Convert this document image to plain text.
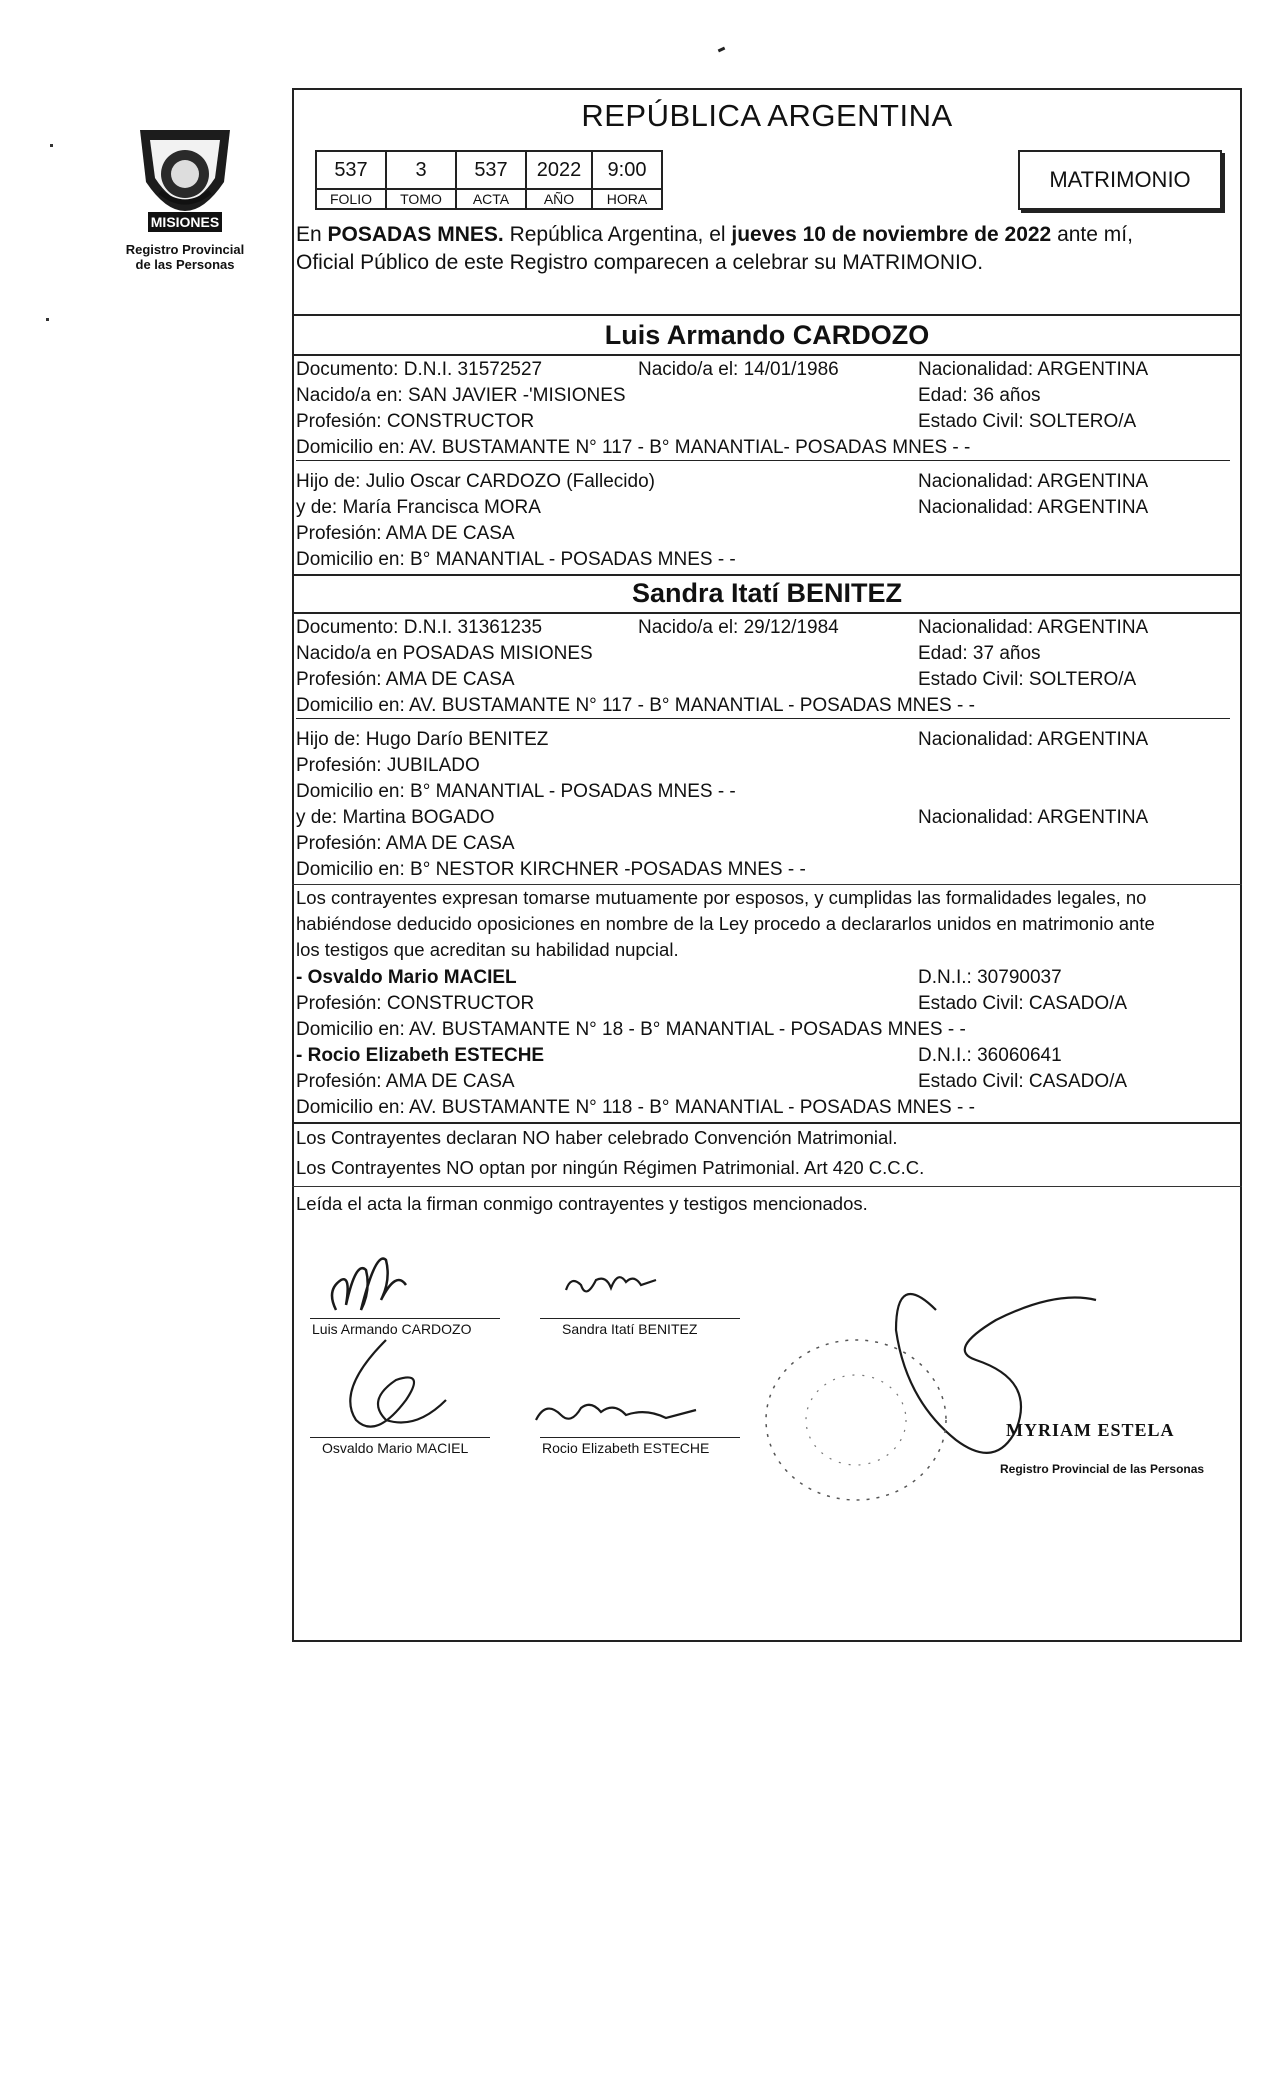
MISIONES
Registro Provincial
de las Personas
REPÚBLICA ARGENTINA
537	3	537	2022	9:00
FOLIO	TOMO	ACTA	AÑO	HORA
MATRIMONIO
En POSADAS MNES. República Argentina, el jueves 10 de noviembre de 2022 ante mí,
Oficial Público de este Registro comparecen a celebrar su MATRIMONIO.
Luis Armando CARDOZO
Documento: D.N.I. 31572527	Nacido/a el: 14/01/1986	Nacionalidad: ARGENTINA
Nacido/a en: SAN JAVIER -'MISIONES	Edad: 36 años
Profesión: CONSTRUCTOR	Estado Civil: SOLTERO/A
Domicilio en: AV. BUSTAMANTE N° 117 - B° MANANTIAL- POSADAS MNES - -
Hijo de: Julio Oscar CARDOZO (Fallecido)	Nacionalidad: ARGENTINA
y de: María Francisca MORA	Nacionalidad: ARGENTINA
Profesión: AMA DE CASA
Domicilio en: B° MANANTIAL - POSADAS MNES - -
Sandra Itatí BENITEZ
Documento: D.N.I. 31361235	Nacido/a el: 29/12/1984	Nacionalidad: ARGENTINA
Nacido/a en POSADAS MISIONES	Edad: 37 años
Profesión: AMA DE CASA	Estado Civil: SOLTERO/A
Domicilio en: AV. BUSTAMANTE N° 117 - B° MANANTIAL - POSADAS MNES - -
Hijo de: Hugo Darío BENITEZ	Nacionalidad: ARGENTINA
Profesión: JUBILADO
Domicilio en: B° MANANTIAL - POSADAS MNES - -
y de: Martina BOGADO	Nacionalidad: ARGENTINA
Profesión: AMA DE CASA
Domicilio en: B° NESTOR KIRCHNER -POSADAS MNES - -
Los contrayentes expresan tomarse mutuamente por esposos, y cumplidas las formalidades legales, no
habiéndose deducido oposiciones en nombre de la Ley procedo a declararlos unidos en matrimonio ante
los testigos que acreditan su habilidad nupcial.
- Osvaldo Mario MACIEL	D.N.I.: 30790037
Profesión: CONSTRUCTOR	Estado Civil: CASADO/A
Domicilio en: AV. BUSTAMANTE N° 18 - B° MANANTIAL - POSADAS MNES - -
- Rocio Elizabeth ESTECHE	D.N.I.: 36060641
Profesión: AMA DE CASA	Estado Civil: CASADO/A
Domicilio en: AV. BUSTAMANTE N° 118 - B° MANANTIAL - POSADAS MNES - -
Los Contrayentes declaran NO haber celebrado Convención Matrimonial.
Los Contrayentes NO optan por ningún Régimen Patrimonial. Art 420 C.C.C.
Leída el acta la firman conmigo contrayentes y testigos mencionados.
Luis Armando CARDOZO	Sandra Itatí BENITEZ
Osvaldo Mario MACIEL	Rocio Elizabeth ESTECHE
MYRIAM ESTELA
Registro Provincial de las Personas
